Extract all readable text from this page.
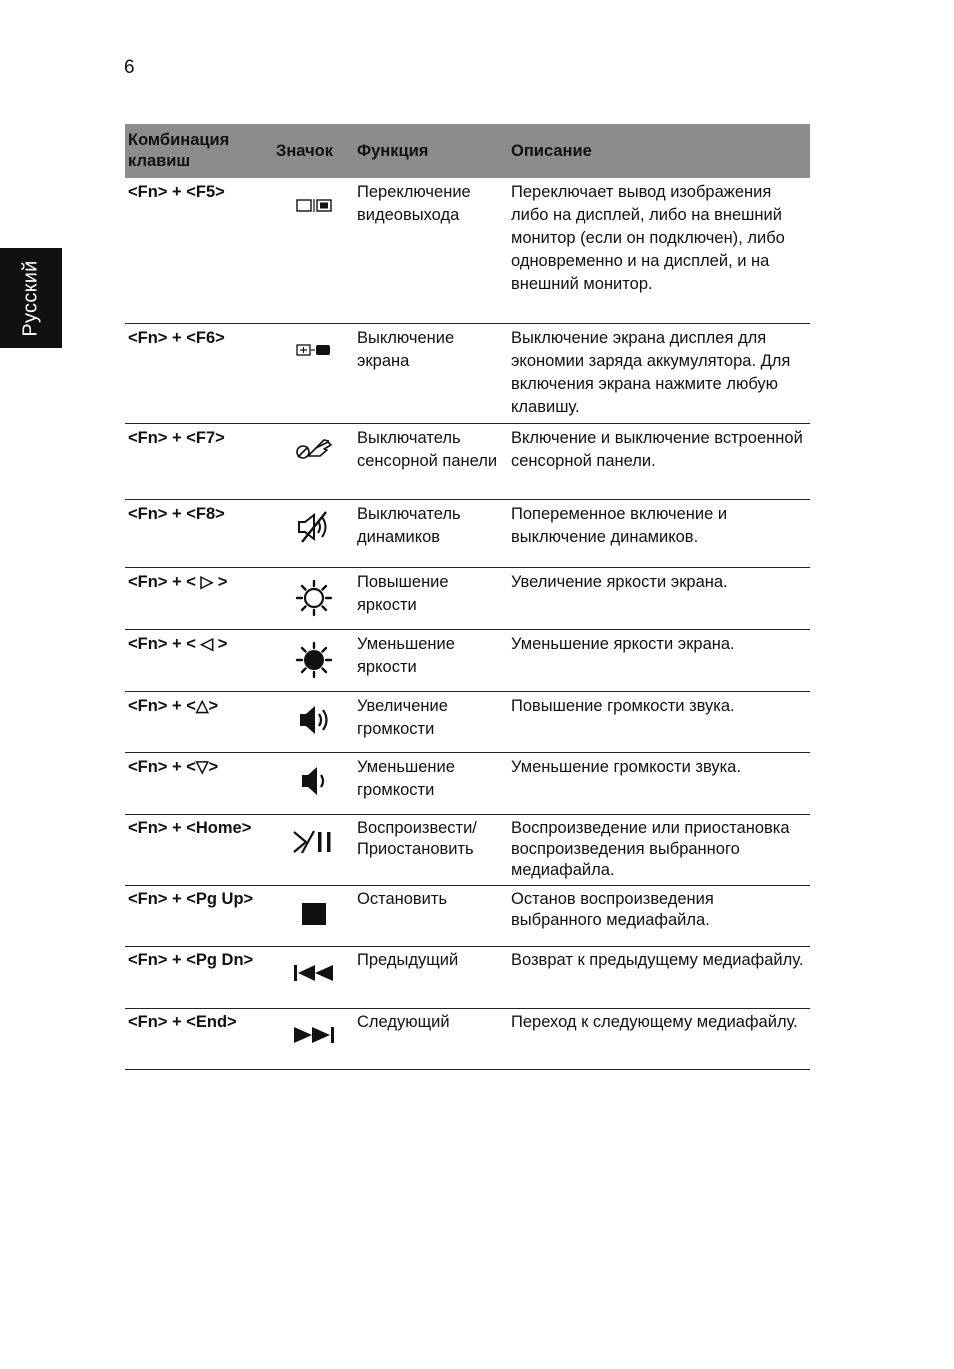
6
Русский
Комбинация клавиш	Значок	Функция	Описание
<Fn> + <F5>		Переключение видеовыхода	Переключает вывод изображения либо на дисплей, либо на внешний монитор (если он подключен), либо одновременно и на дисплей, и на внешний монитор.
<Fn> + <F6>		Выключение экрана	Выключение экрана дисплея для экономии заряда аккумулятора. Для включения экрана нажмите любую клавишу.
<Fn> + <F7>		Выключатель сенсорной панели	Включение и выключение встроенной сенсорной панели.
<Fn> + <F8>		Выключатель динамиков	Попеременное включение и выключение динамиков.
<Fn> + < ▷ >		Повышение яркости	Увеличение яркости экрана.
<Fn> + < ◁ >		Уменьшение яркости	Уменьшение яркости экрана.
<Fn> + <△>		Увеличение громкости	Повышение громкости звука.
<Fn> + <▽>		Уменьшение громкости	Уменьшение громкости звука.
<Fn> + <Home>		Воспроизвести/ Приостановить	Воспроизведение или приостановка воспроизведения выбранного медиафайла.
<Fn> + <Pg Up>		Остановить	Останов воспроизведения выбранного медиафайла.
<Fn> + <Pg Dn>		Предыдущий	Возврат к предыдущему медиафайлу.
<Fn> + <End>		Следующий	Переход к следующему медиафайлу.
